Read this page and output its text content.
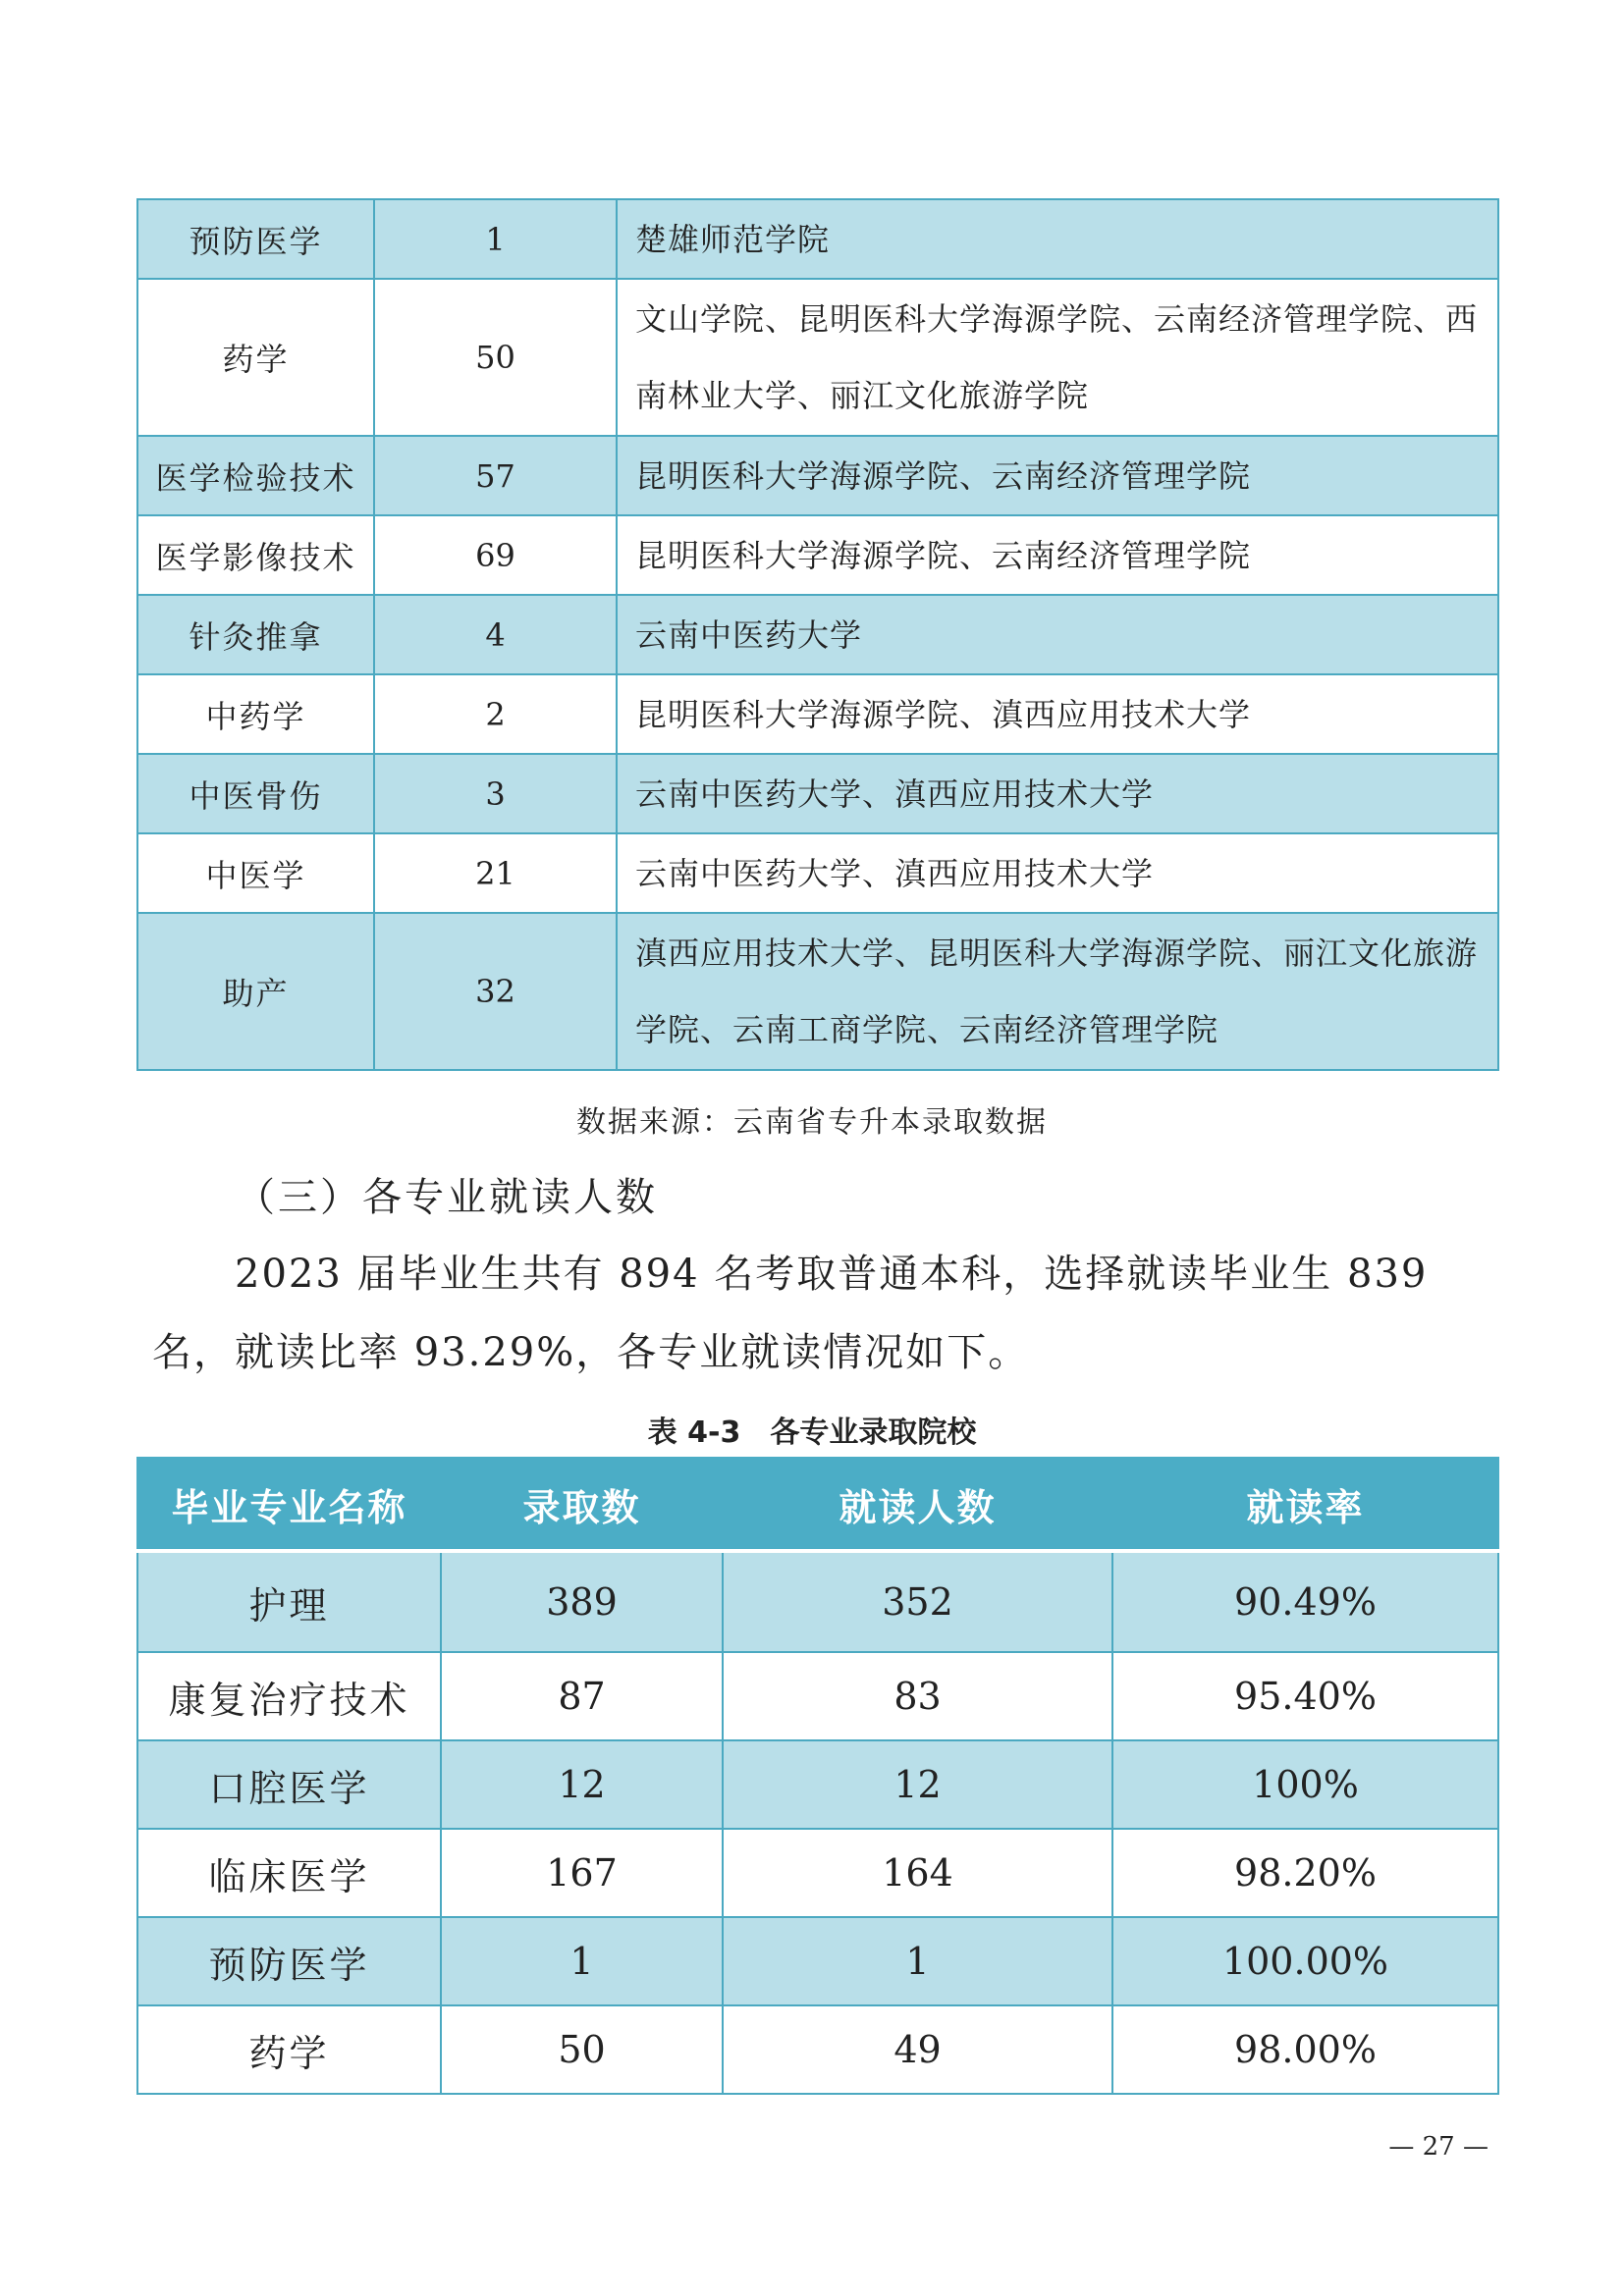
预防医学	1	楚雄师范学院
药学	50	文山学院、昆明医科大学海源学院、云南经济管理学院、西南林业大学、丽江文化旅游学院
医学检验技术	57	昆明医科大学海源学院、云南经济管理学院
医学影像技术	69	昆明医科大学海源学院、云南经济管理学院
针灸推拿	4	云南中医药大学
中药学	2	昆明医科大学海源学院、滇西应用技术大学
中医骨伤	3	云南中医药大学、滇西应用技术大学
中医学	21	云南中医药大学、滇西应用技术大学
助产	32	滇西应用技术大学、昆明医科大学海源学院、丽江文化旅游学院、云南工商学院、云南经济管理学院
数据来源：云南省专升本录取数据
（三）各专业就读人数

2023 届毕业生共有 894 名考取普通本科，选择就读毕业生 839 名，就读比率 93.29%，各专业就读情况如下。

表 4-3　各专业录取院校
毕业专业名称	录取数	就读人数	就读率
护理	389	352	90.49%
康复治疗技术	87	83	95.40%
口腔医学	12	12	100%
临床医学	167	164	98.20%
预防医学	1	1	100.00%
药学	50	49	98.00%
— 27 —
